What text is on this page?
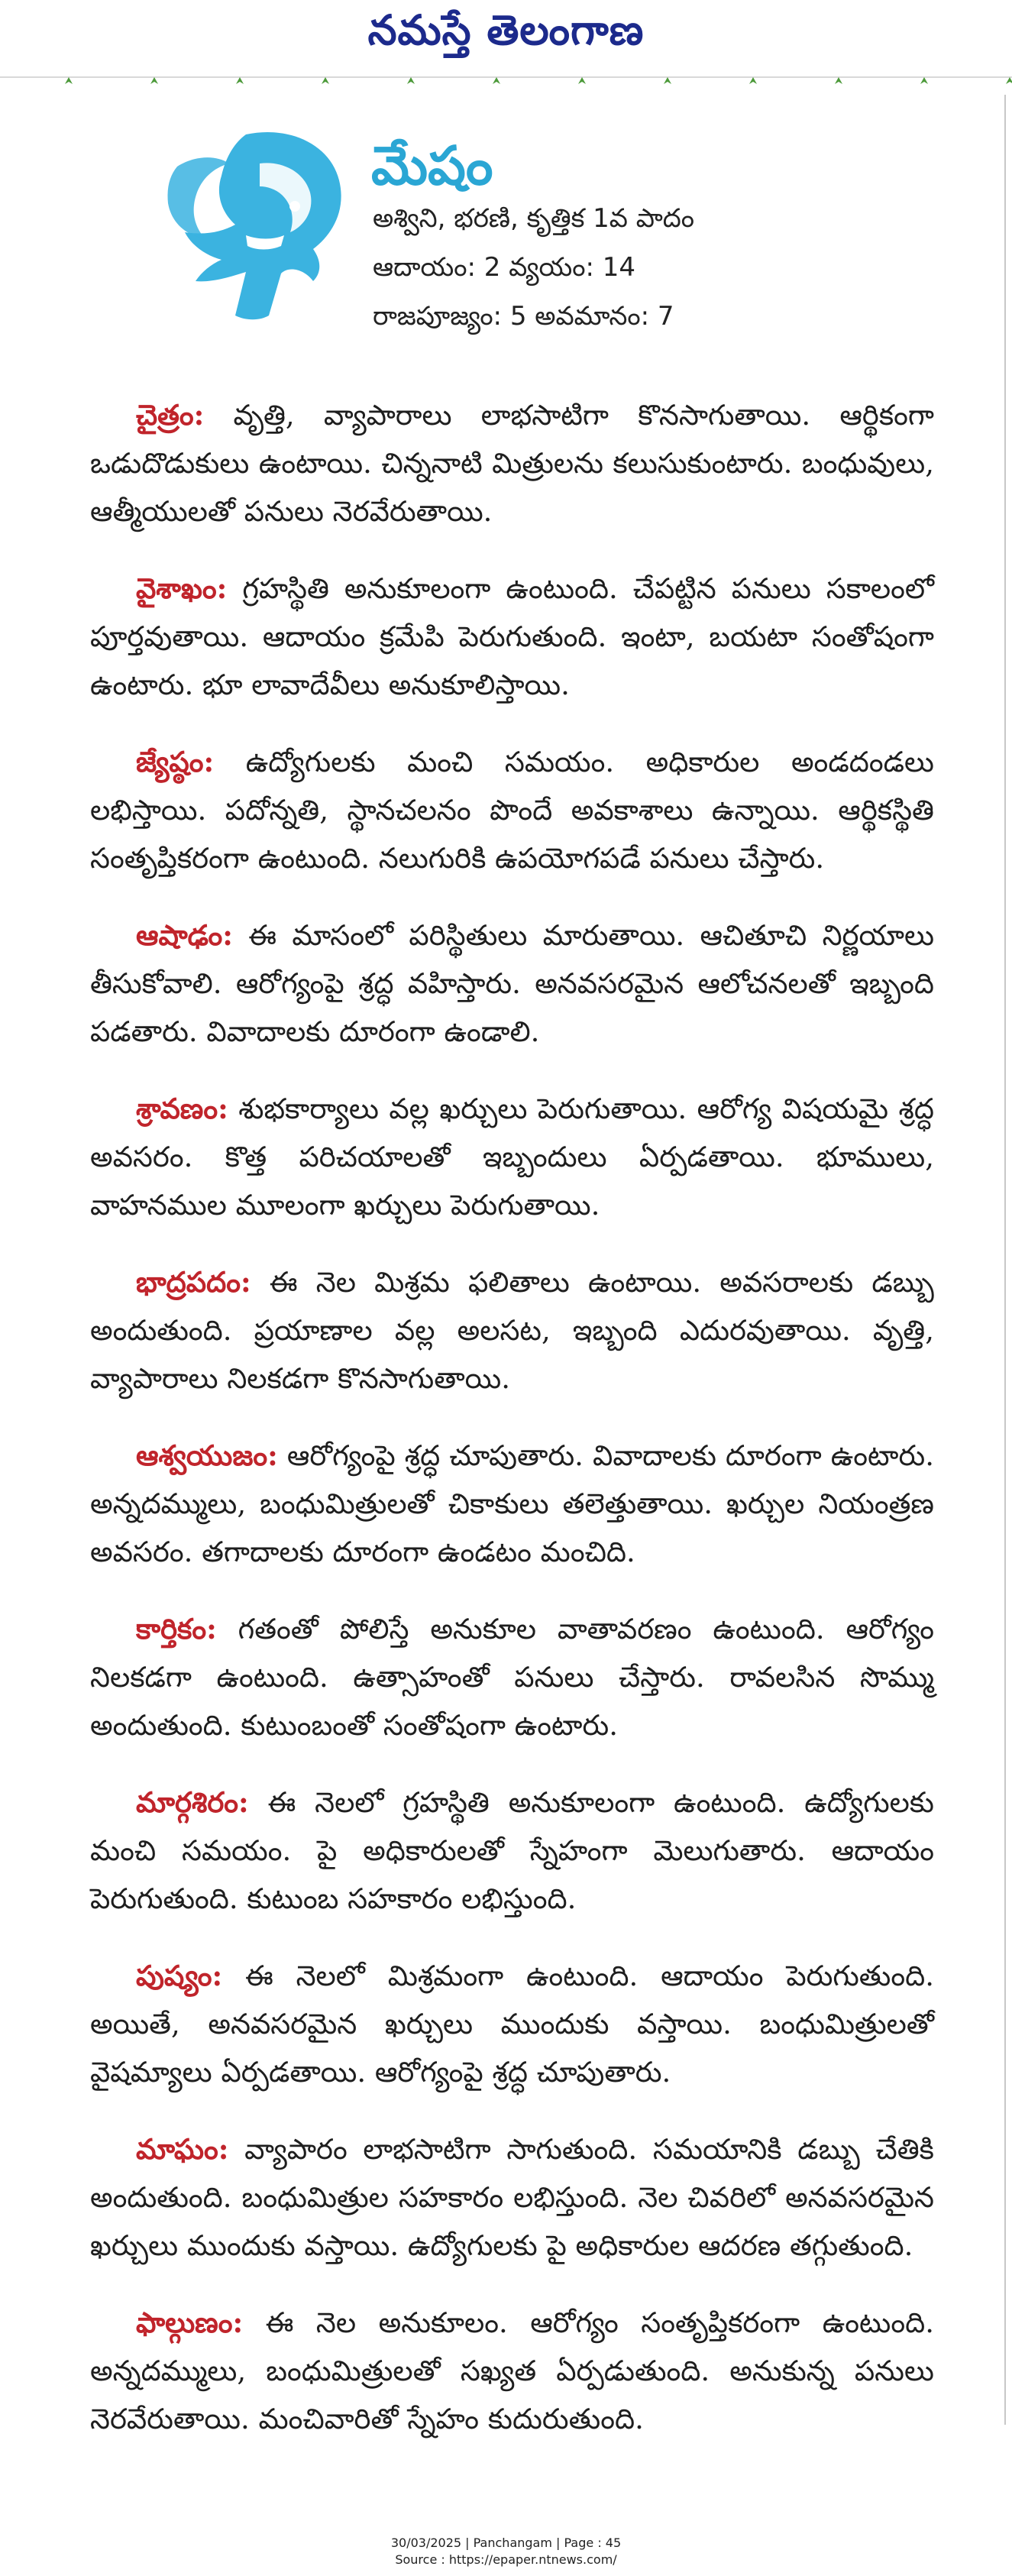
నమస్తే తెలంగాణ
మేషం
అశ్విని, భరణి, కృత్తిక 1వ పాదం
ఆదాయం: 2 వ్యయం: 14
రాజపూజ్యం: 5 అవమానం: 7

చైత్రం: వృత్తి, వ్యాపారాలు లాభసాటిగా కొనసాగుతాయి. ఆర్థికంగా ఒడుదొడుకులు ఉంటాయి. చిన్ననాటి మిత్రులను కలుసుకుంటారు. బంధువులు, ఆత్మీయులతో పనులు నెరవేరుతాయి.

వైశాఖం: గ్రహస్థితి అనుకూలంగా ఉంటుంది. చేపట్టిన పనులు సకాలంలో పూర్తవుతాయి. ఆదాయం క్రమేపి పెరుగుతుంది. ఇంటా, బయటా సంతోషంగా ఉంటారు. భూ లావాదేవీలు అనుకూలిస్తాయి.

జ్యేష్ఠం: ఉద్యోగులకు మంచి సమయం. అధికారుల అండదండలు లభిస్తాయి. పదోన్నతి, స్థానచలనం పొందే అవకాశాలు ఉన్నాయి. ఆర్థికస్థితి సంతృప్తికరంగా ఉంటుంది. నలుగురికి ఉపయోగపడే పనులు చేస్తారు.

ఆషాఢం: ఈ మాసంలో పరిస్థితులు మారుతాయి. ఆచితూచి నిర్ణయాలు తీసుకోవాలి. ఆరోగ్యంపై శ్రద్ధ వహిస్తారు. అనవసరమైన ఆలోచనలతో ఇబ్బంది పడతారు. వివాదాలకు దూరంగా ఉండాలి.

శ్రావణం: శుభకార్యాలు వల్ల ఖర్చులు పెరుగుతాయి. ఆరోగ్య విషయమై శ్రద్ధ అవసరం. కొత్త పరిచయాలతో ఇబ్బందులు ఏర్పడతాయి. భూములు, వాహనముల మూలంగా ఖర్చులు పెరుగుతాయి.

భాద్రపదం: ఈ నెల మిశ్రమ ఫలితాలు ఉంటాయి. అవసరాలకు డబ్బు అందుతుంది. ప్రయాణాల వల్ల అలసట, ఇబ్బంది ఎదురవుతాయి. వృత్తి, వ్యాపారాలు నిలకడగా కొనసాగుతాయి.

ఆశ్వయుజం: ఆరోగ్యంపై శ్రద్ధ చూపుతారు. వివాదాలకు దూరంగా ఉంటారు. అన్నదమ్ములు, బంధుమిత్రులతో చికాకులు తలెత్తుతాయి. ఖర్చుల నియంత్రణ అవసరం. తగాదాలకు దూరంగా ఉండటం మంచిది.

కార్తికం: గతంతో పోలిస్తే అనుకూల వాతావరణం ఉంటుంది. ఆరోగ్యం నిలకడగా ఉంటుంది. ఉత్సాహంతో పనులు చేస్తారు. రావలసిన సొమ్ము అందుతుంది. కుటుంబంతో సంతోషంగా ఉంటారు.

మార్గశిరం: ఈ నెలలో గ్రహస్థితి అనుకూలంగా ఉంటుంది. ఉద్యోగులకు మంచి సమయం. పై అధికారులతో స్నేహంగా మెలుగుతారు. ఆదాయం పెరుగుతుంది. కుటుంబ సహకారం లభిస్తుంది.

పుష్యం: ఈ నెలలో మిశ్రమంగా ఉంటుంది. ఆదాయం పెరుగుతుంది. అయితే, అనవసరమైన ఖర్చులు ముందుకు వస్తాయి. బంధుమిత్రులతో వైషమ్యాలు ఏర్పడతాయి. ఆరోగ్యంపై శ్రద్ధ చూపుతారు.

మాఘం: వ్యాపారం లాభసాటిగా సాగుతుంది. సమయానికి డబ్బు చేతికి అందుతుంది. బంధుమిత్రుల సహకారం లభిస్తుంది. నెల చివరిలో అనవసరమైన ఖర్చులు ముందుకు వస్తాయి. ఉద్యోగులకు పై అధికారుల ఆదరణ తగ్గుతుంది.

ఫాల్గుణం: ఈ నెల అనుకూలం. ఆరోగ్యం సంతృప్తికరంగా ఉంటుంది. అన్నదమ్ములు, బంధుమిత్రులతో సఖ్యత ఏర్పడుతుంది. అనుకున్న పనులు నెరవేరుతాయి. మంచివారితో స్నేహం కుదురుతుంది.

30/03/2025 | Panchangam | Page : 45
Source : https://epaper.ntnews.com/
